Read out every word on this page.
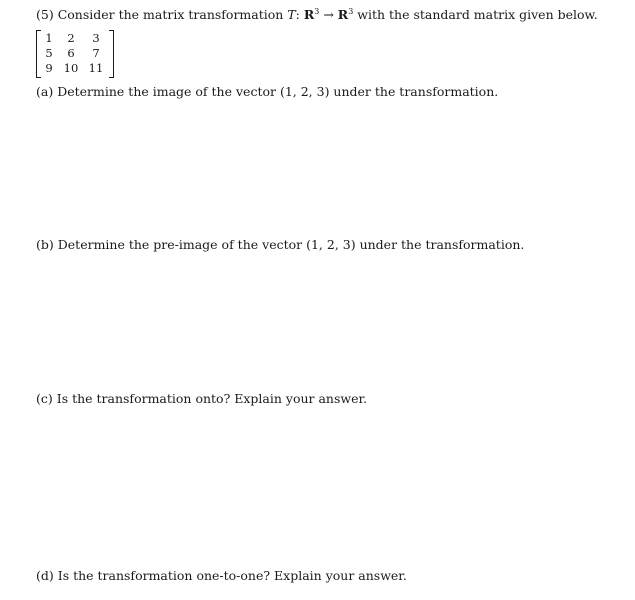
(5) Consider the matrix transformation T: $R^3 \to R^3$ with the standard matrix given below.
1	2	3
5	6	7
9 10 11
(a) Determine the image of the vector (1, 2, 3) under the transformation.
(b) Determine the pre-image of the vector (1, 2, 3) under the transformation.
(c) Is the transformation onto? Explain your answer.
(d) Is the transformation one-to-one? Explain your answer.
